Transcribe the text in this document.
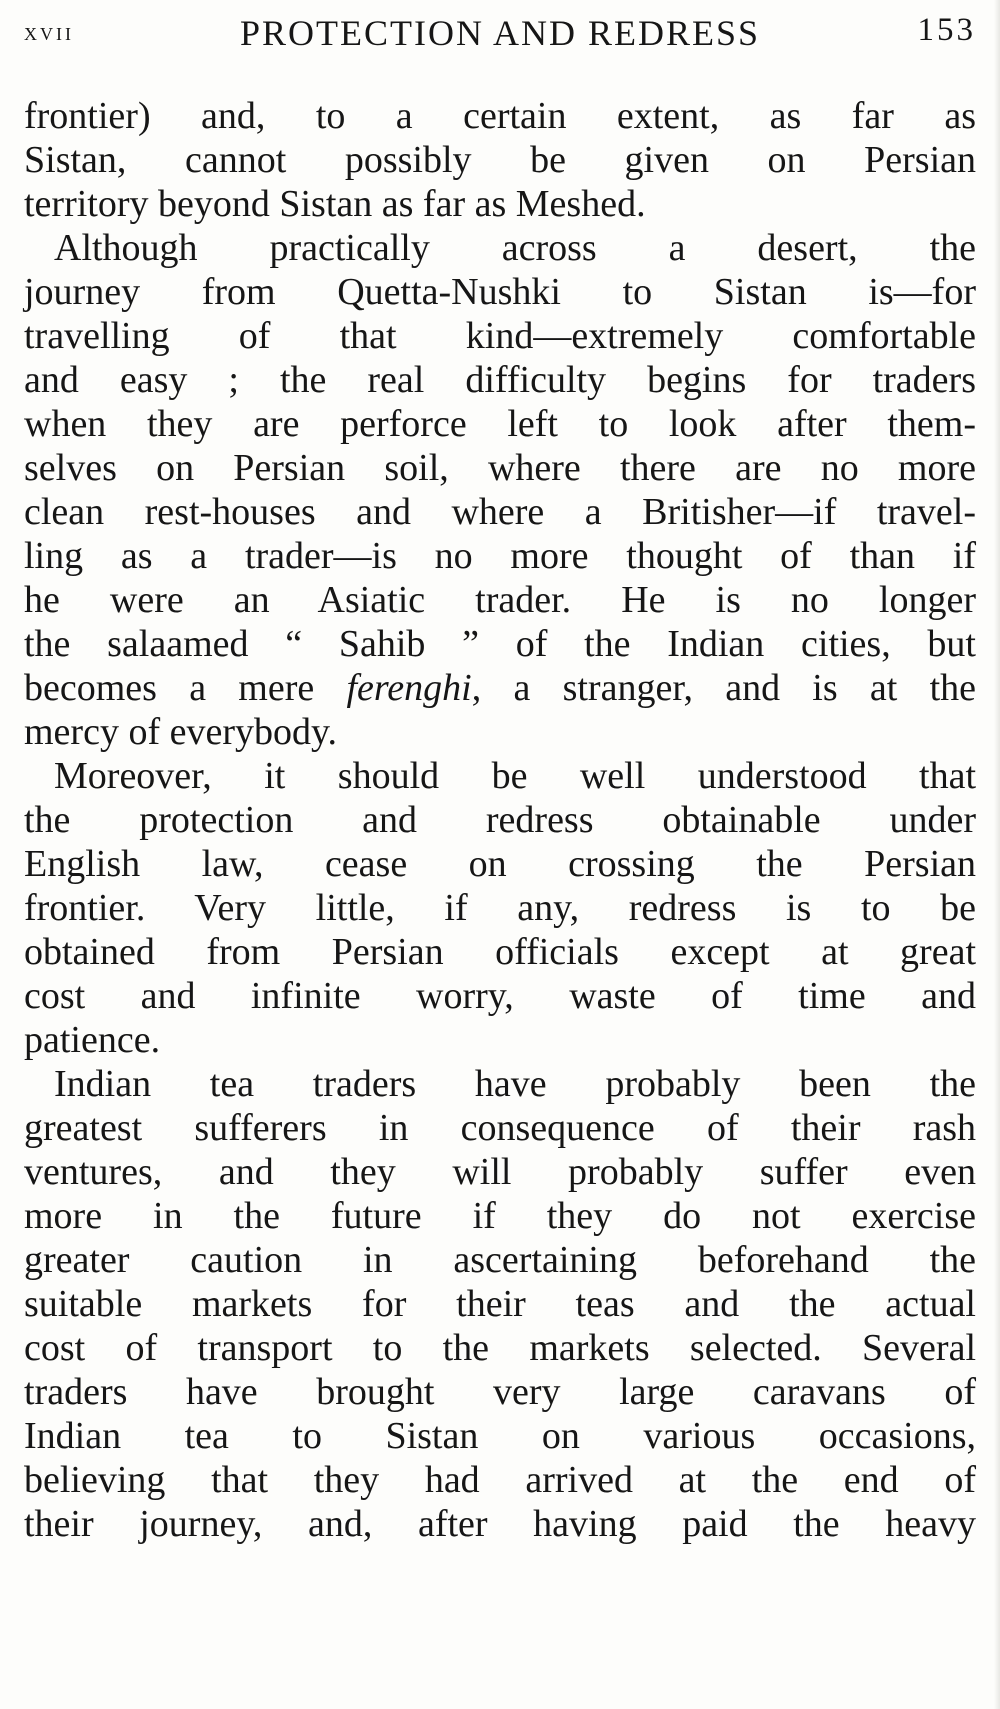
xvii	PROTECTION AND REDRESS	153
frontier) and, to a certain extent, as far as
Sistan, cannot possibly be given on Persian
territory beyond Sistan as far as Meshed.
Although practically across a desert, the
journey from Quetta-Nushki to Sistan is—for
travelling of that kind—extremely comfortable
and easy ; the real difficulty begins for traders
when they are perforce left to look after them-
selves on Persian soil, where there are no more
clean rest-houses and where a Britisher—if travel-
ling as a trader—is no more thought of than if
he were an Asiatic trader. He is no longer
the salaamed “ Sahib ” of the Indian cities, but
becomes a mere ferenghi, a stranger, and is at the
mercy of everybody.
Moreover, it should be well understood that
the protection and redress obtainable under
English law, cease on crossing the Persian
frontier. Very little, if any, redress is to be
obtained from Persian officials except at great
cost and infinite worry, waste of time and
patience.
Indian tea traders have probably been the
greatest sufferers in consequence of their rash
ventures, and they will probably suffer even
more in the future if they do not exercise
greater caution in ascertaining beforehand the
suitable markets for their teas and the actual
cost of transport to the markets selected. Several
traders have brought very large caravans of
Indian tea to Sistan on various occasions,
believing that they had arrived at the end of
their journey, and, after having paid the heavy
